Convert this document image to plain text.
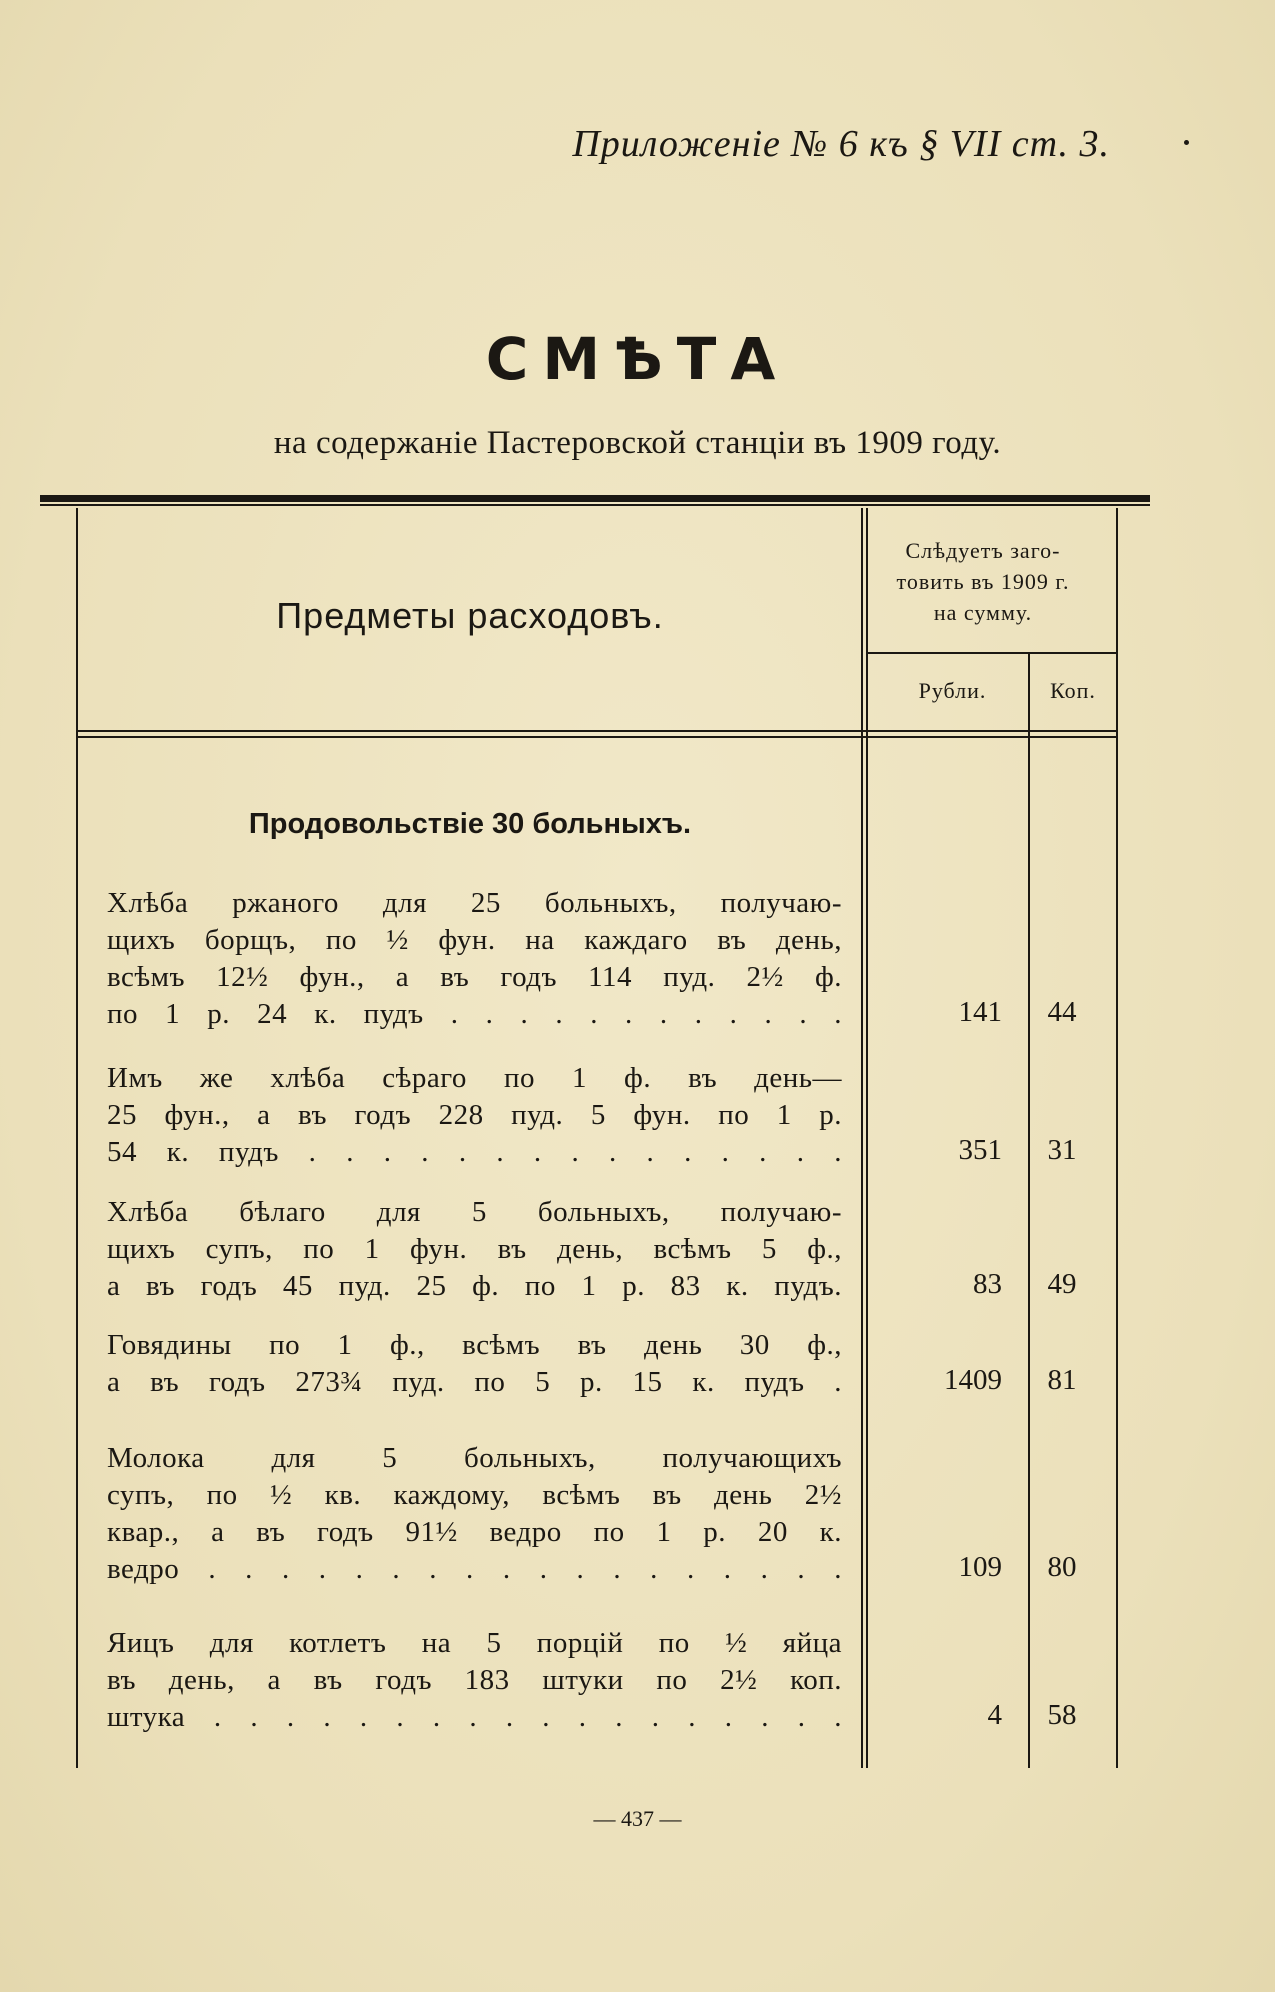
Приложеніе № 6 къ § VII ст. 3.
СМѢТА
на содержаніе Пастеровской станціи въ 1909 году.
Предметы расходовъ.
Слѣдуетъ заго-
товить въ 1909 г.
на сумму.
Рубли.	Коп.
Продовольствіе 30 больныхъ.
Хлѣба ржаного для 25 больныхъ, получаю-
щихъ борщъ, по ½ фун. на каждаго въ день,
всѣмъ 12½ фун., а въ годъ 114 пуд. 2½ ф.
по 1 р. 24 к. пудъ . . . . . . . . . . . .	141	44
Имъ же хлѣба сѣраго по 1 ф. въ день—
25 фун., а въ годъ 228 пуд. 5 фун. по 1 р.
54 к. пудъ . . . . . . . . . . . . . . .	351	31
Хлѣба бѣлаго для 5 больныхъ, получаю-
щихъ супъ, по 1 фун. въ день, всѣмъ 5 ф.,
а въ годъ 45 пуд. 25 ф. по 1 р. 83 к. пудъ.	83	49
Говядины по 1 ф., всѣмъ въ день 30 ф.,
а въ годъ 273¾ пуд. по 5 р. 15 к. пудъ .	1409	81
Молока для 5 больныхъ, получающихъ
супъ, по ½ кв. каждому, всѣмъ въ день 2½
квар., а въ годъ 91½ ведро по 1 р. 20 к.
ведро . . . . . . . . . . . . . . . . . .	109	80
Яицъ для котлетъ на 5 порцій по ½ яйца
въ день, а въ годъ 183 штуки по 2½ коп.
штука . . . . . . . . . . . . . . . . . .	4	58
— 437 —
